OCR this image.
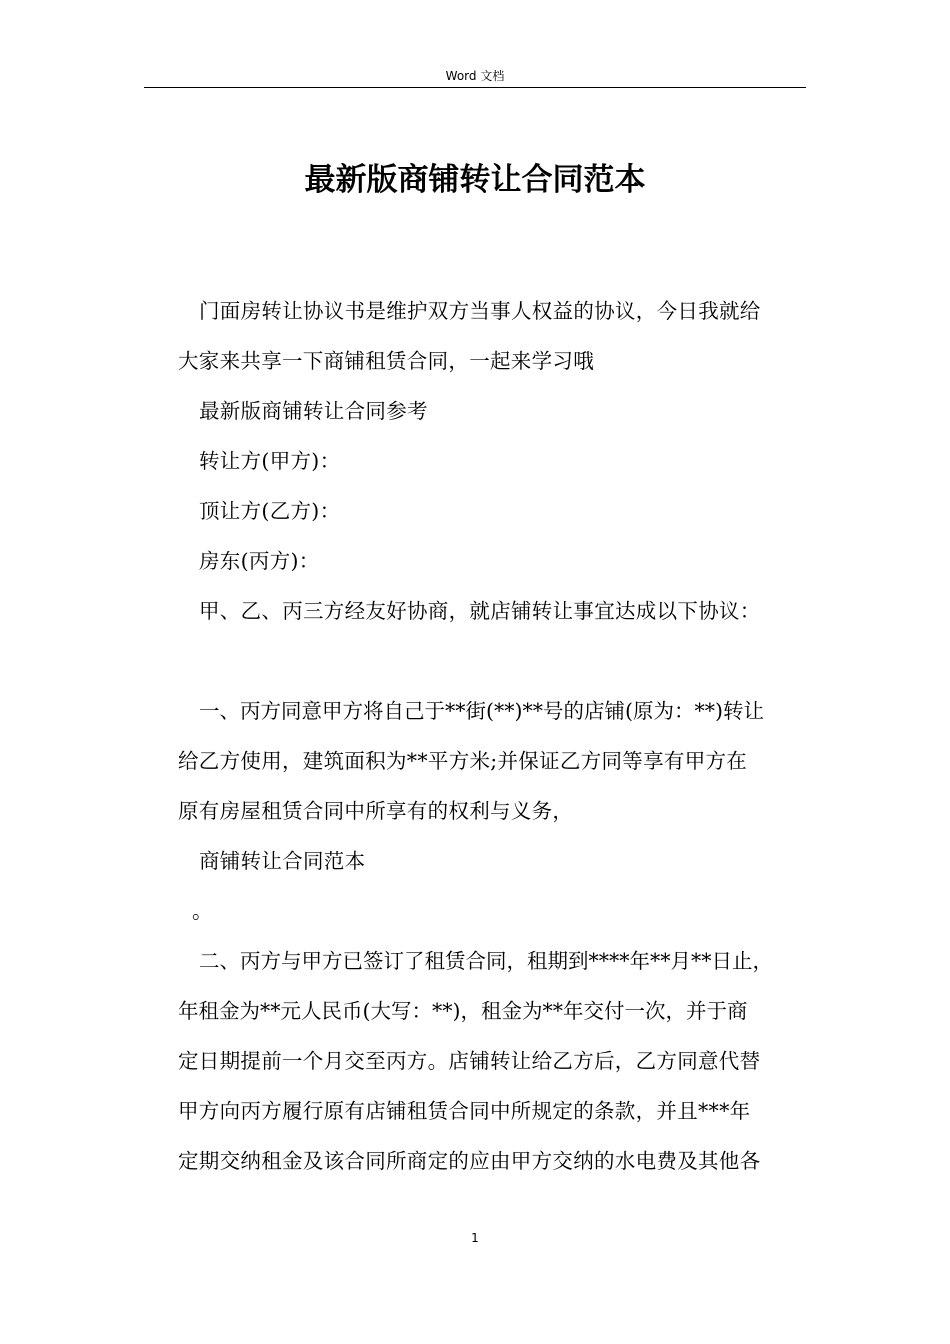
Word 文档
最新版商铺转让合同范本

门面房转让协议书是维护双方当事人权益的协议，今日我就给

大家来共享一下商铺租赁合同，一起来学习哦

最新版商铺转让合同参考

转让方(甲方)：

顶让方(乙方)：

房东(丙方)：

甲、乙、丙三方经友好协商，就店铺转让事宜达成以下协议：

一、丙方同意甲方将自己于**街(**)**号的店铺(原为：**)转让

给乙方使用，建筑面积为**平方米;并保证乙方同等享有甲方在

原有房屋租赁合同中所享有的权利与义务，

商铺转让合同范本

。

二、丙方与甲方已签订了租赁合同，租期到****年**月**日止，

年租金为**元人民币(大写：**)，租金为**年交付一次，并于商

定日期提前一个月交至丙方。店铺转让给乙方后，乙方同意代替

甲方向丙方履行原有店铺租赁合同中所规定的条款，并且***年

定期交纳租金及该合同所商定的应由甲方交纳的水电费及其他各

1
